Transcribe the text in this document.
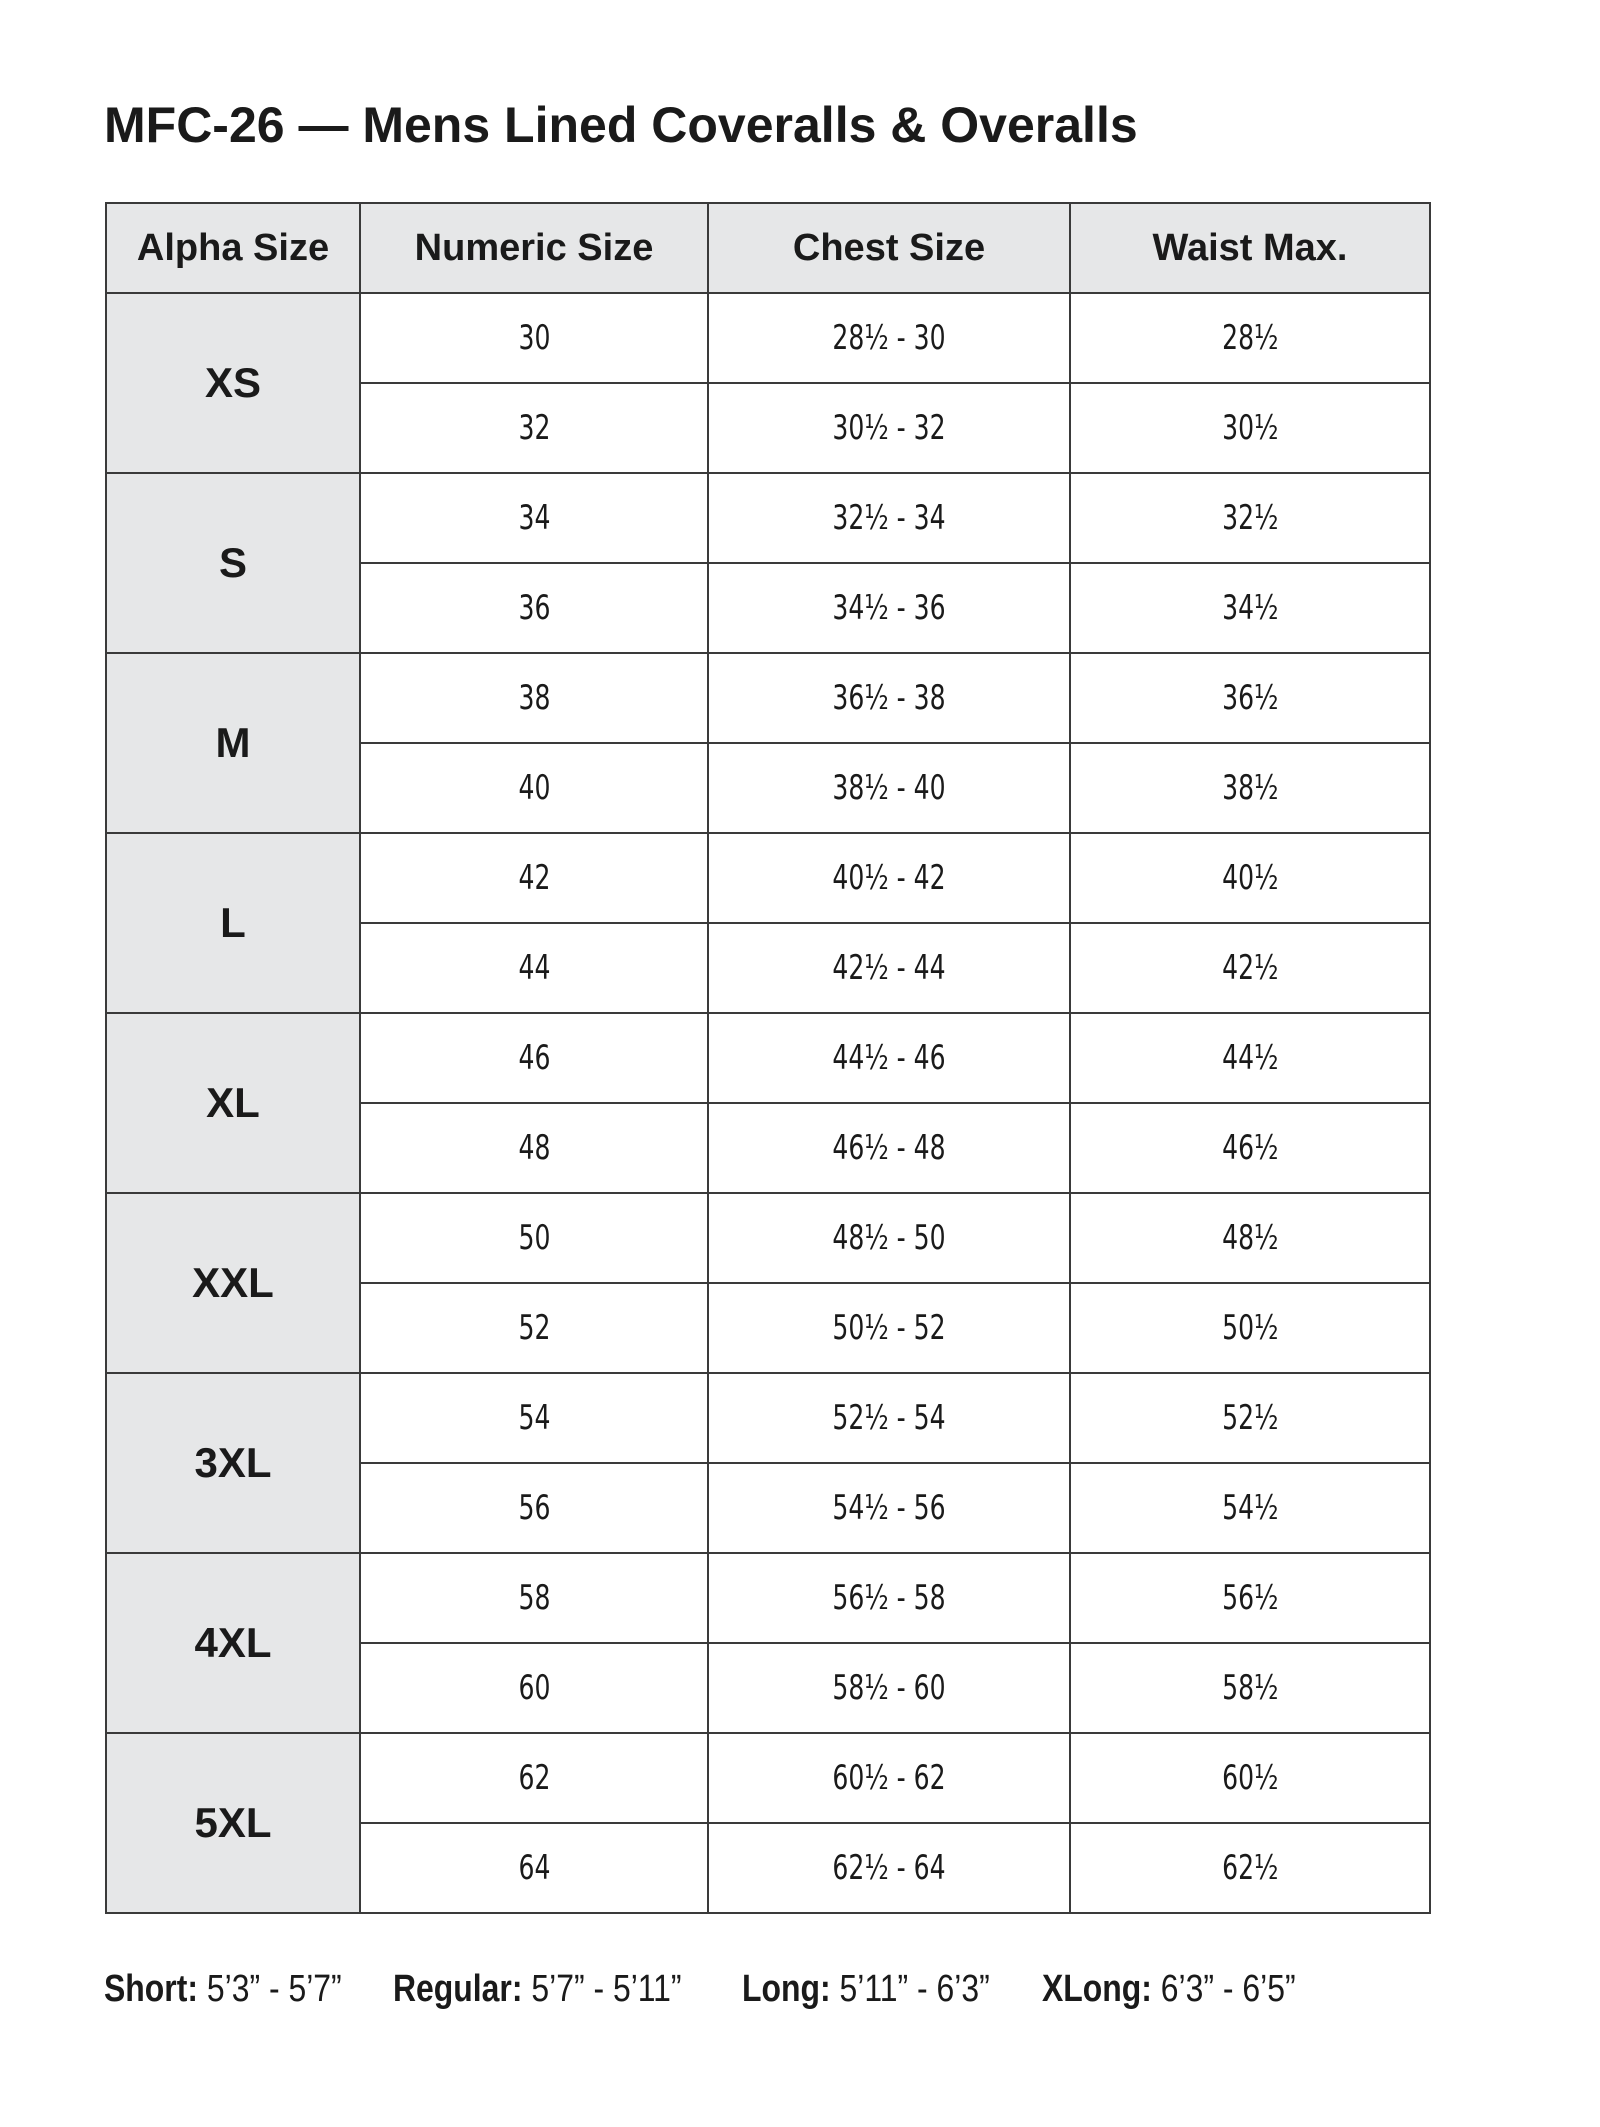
MFC-26 — Mens Lined Coveralls & Overalls
Alpha Size	Numeric Size	Chest Size	Waist Max.
XS	30	28½ - 30	28½
	32	30½ - 32	30½
S	34	32½ - 34	32½
	36	34½ - 36	34½
M	38	36½ - 38	36½
	40	38½ - 40	38½
L	42	40½ - 42	40½
	44	42½ - 44	42½
XL	46	44½ - 46	44½
	48	46½ - 48	46½
XXL	50	48½ - 50	48½
	52	50½ - 52	50½
3XL	54	52½ - 54	52½
	56	54½ - 56	54½
4XL	58	56½ - 58	56½
	60	58½ - 60	58½
5XL	62	60½ - 62	60½
	64	62½ - 64	62½
Short: 5’3” - 5’7” Regular: 5’7” - 5’11” Long: 5’11” - 6’3” XLong: 6’3” - 6’5”
